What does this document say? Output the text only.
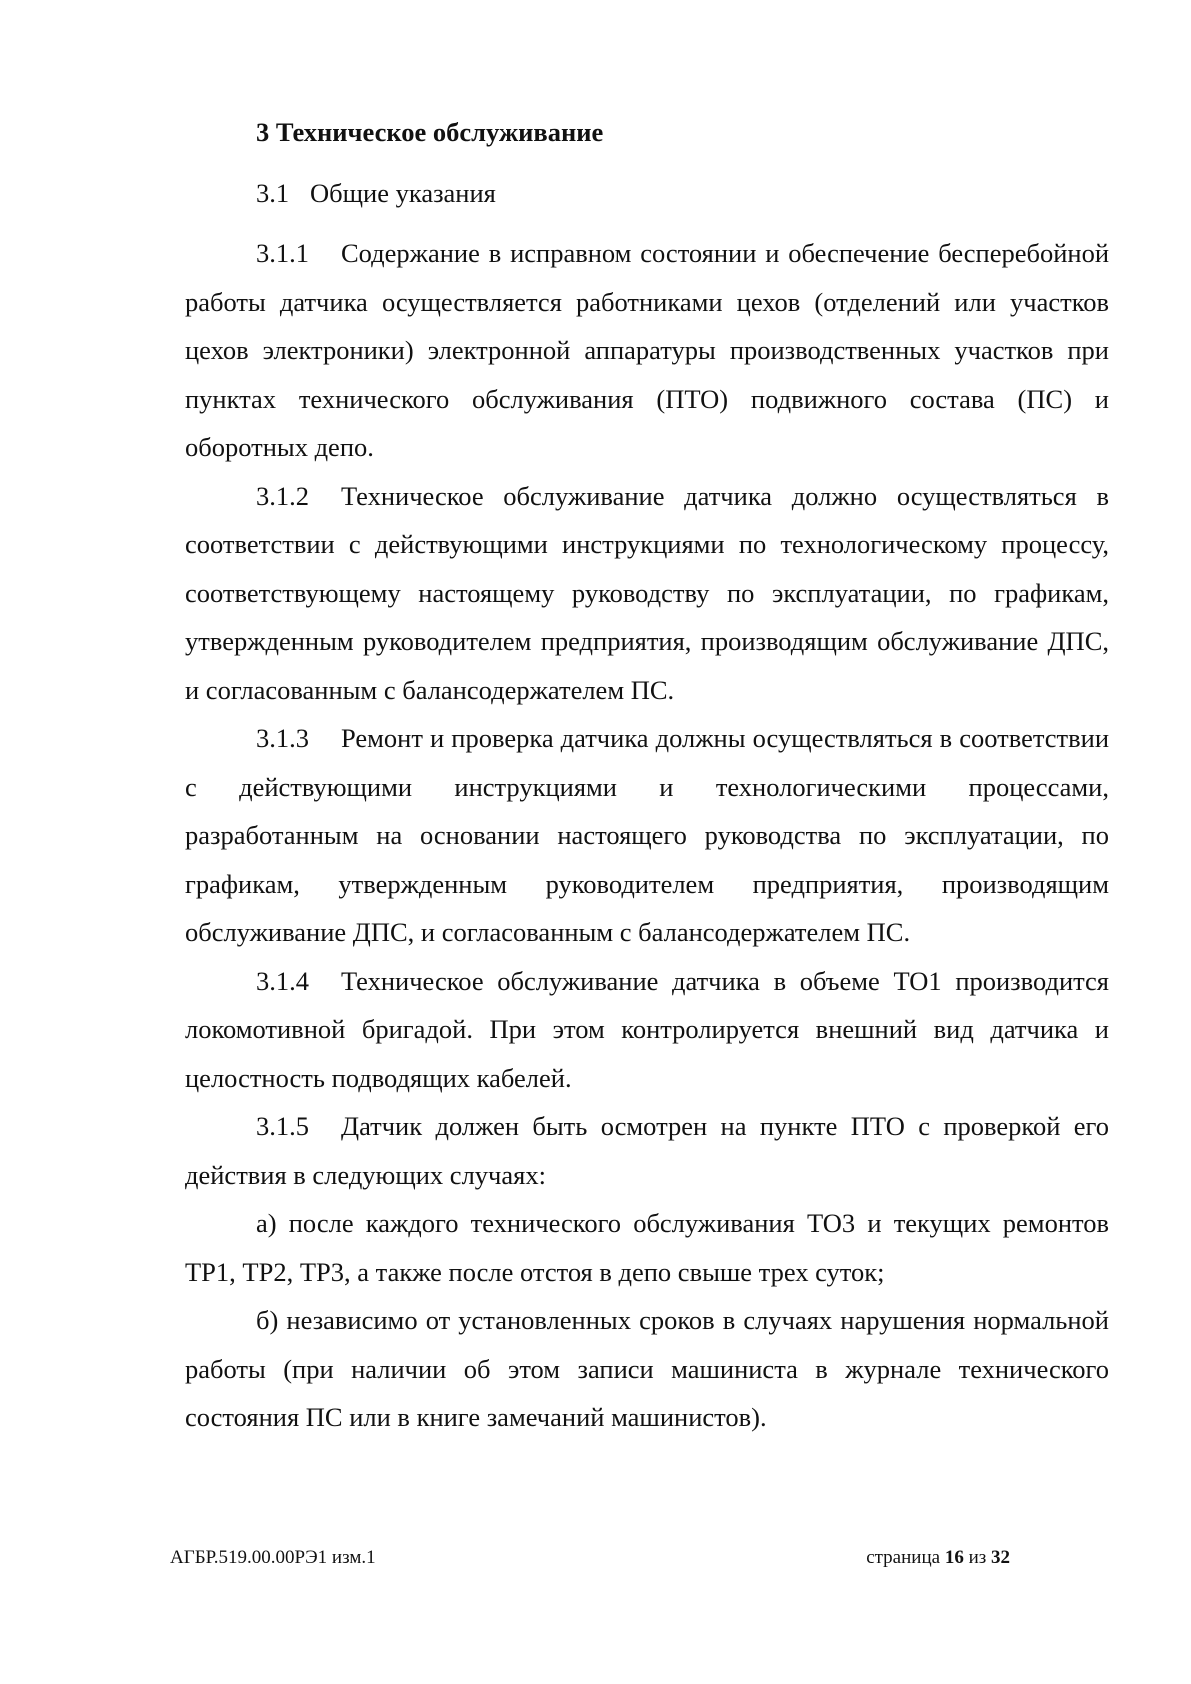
3 Техническое обслуживание

3.1 Общие указания

3.1.1 Содержание в исправном состоянии и обеспечение бесперебойной работы датчика осуществляется работниками цехов (отделений или участков цехов электроники) электронной аппаратуры производственных участков при пунктах технического обслуживания (ПТО) подвижного состава (ПС) и оборотных депо.

3.1.2 Техническое обслуживание датчика должно осуществляться в соответствии с действующими инструкциями по технологическому процессу, соответствующему настоящему руководству по эксплуатации, по графикам, утвержденным руководителем предприятия, производящим обслуживание ДПС, и согласованным с балансодержателем ПС.

3.1.3 Ремонт и проверка датчика должны осуществляться в соответствии с действующими инструкциями и технологическими процессами, разработанным на основании настоящего руководства по эксплуатации, по графикам, утвержденным руководителем предприятия, производящим обслуживание ДПС, и согласованным с балансодержателем ПС.

3.1.4 Техническое обслуживание датчика в объеме ТО1 производится локомотивной бригадой. При этом контролируется внешний вид датчика и целостность подводящих кабелей.

3.1.5 Датчик должен быть осмотрен на пункте ПТО с проверкой его действия в следующих случаях:

а) после каждого технического обслуживания ТО3 и текущих ремонтов ТР1, ТР2, ТР3, а также после отстоя в депо свыше трех суток;

б) независимо от установленных сроков в случаях нарушения нормальной работы (при наличии об этом записи машиниста в журнале технического состояния ПС или в книге замечаний машинистов).

АГБР.519.00.00РЭ1 изм.1	страница 16 из 32
